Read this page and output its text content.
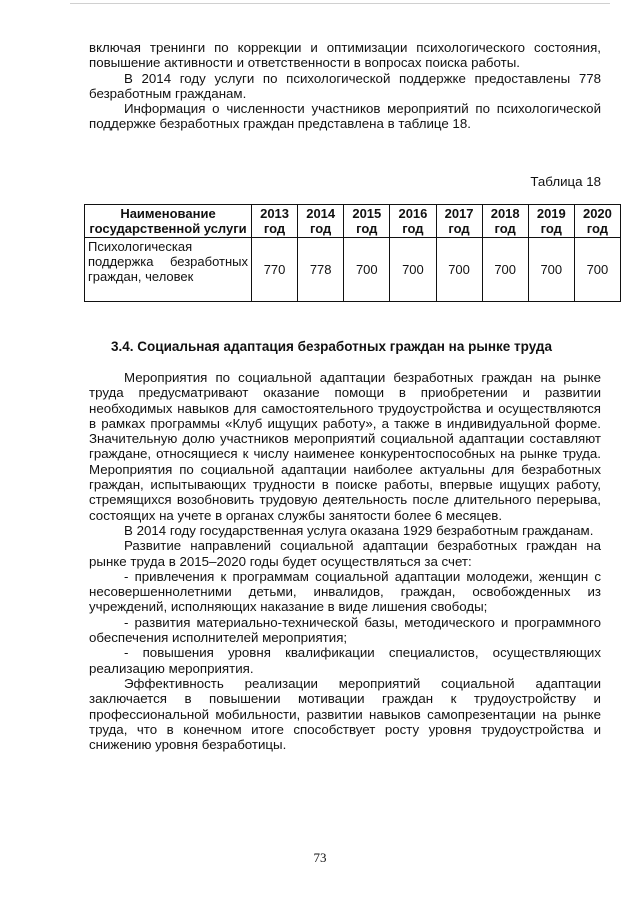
включая тренинги по коррекции и оптимизации психологического состояния, повышение активности и ответственности в вопросах поиска работы.

В 2014 году услуги по психологической поддержке предоставлены 778 безработным гражданам.

Информация о численности участников мероприятий по психологической поддержке безработных граждан представлена в таблице 18.

Таблица 18
Наименование государственной услуги	2013 год	2014 год	2015 год	2016 год	2017 год	2018 год	2019 год	2020 год
Психологическая поддержка безработных граждан, человек	770	778	700	700	700	700	700	700
3.4. Социальная адаптация безработных граждан на рынке труда

Мероприятия по социальной адаптации безработных граждан на рынке труда предусматривают оказание помощи в приобретении и развитии необходимых навыков для самостоятельного трудоустройства и осуществляются в рамках программы «Клуб ищущих работу», а также в индивидуальной форме. Значительную долю участников мероприятий социальной адаптации составляют граждане, относящиеся к числу наименее конкурентоспособных на рынке труда. Мероприятия по социальной адаптации наиболее актуальны для безработных граждан, испытывающих трудности в поиске работы, впервые ищущих работу, стремящихся возобновить трудовую деятельность после длительного перерыва, состоящих на учете в органах службы занятости более 6 месяцев.

В 2014 году государственная услуга оказана 1929 безработным гражданам.

Развитие направлений социальной адаптации безработных граждан на рынке труда в 2015–2020 годы будет осуществляться за счет:

- привлечения к программам социальной адаптации молодежи, женщин с несовершеннолетними детьми, инвалидов, граждан, освобожденных из учреждений, исполняющих наказание в виде лишения свободы;

- развития материально-технической базы, методического и программного обеспечения исполнителей мероприятия;

- повышения уровня квалификации специалистов, осуществляющих реализацию мероприятия.

Эффективность реализации мероприятий социальной адаптации заключается в повышении мотивации граждан к трудоустройству и профессиональной мобильности, развитии навыков самопрезентации на рынке труда, что в конечном итоге способствует росту уровня трудоустройства и снижению уровня безработицы.

73
